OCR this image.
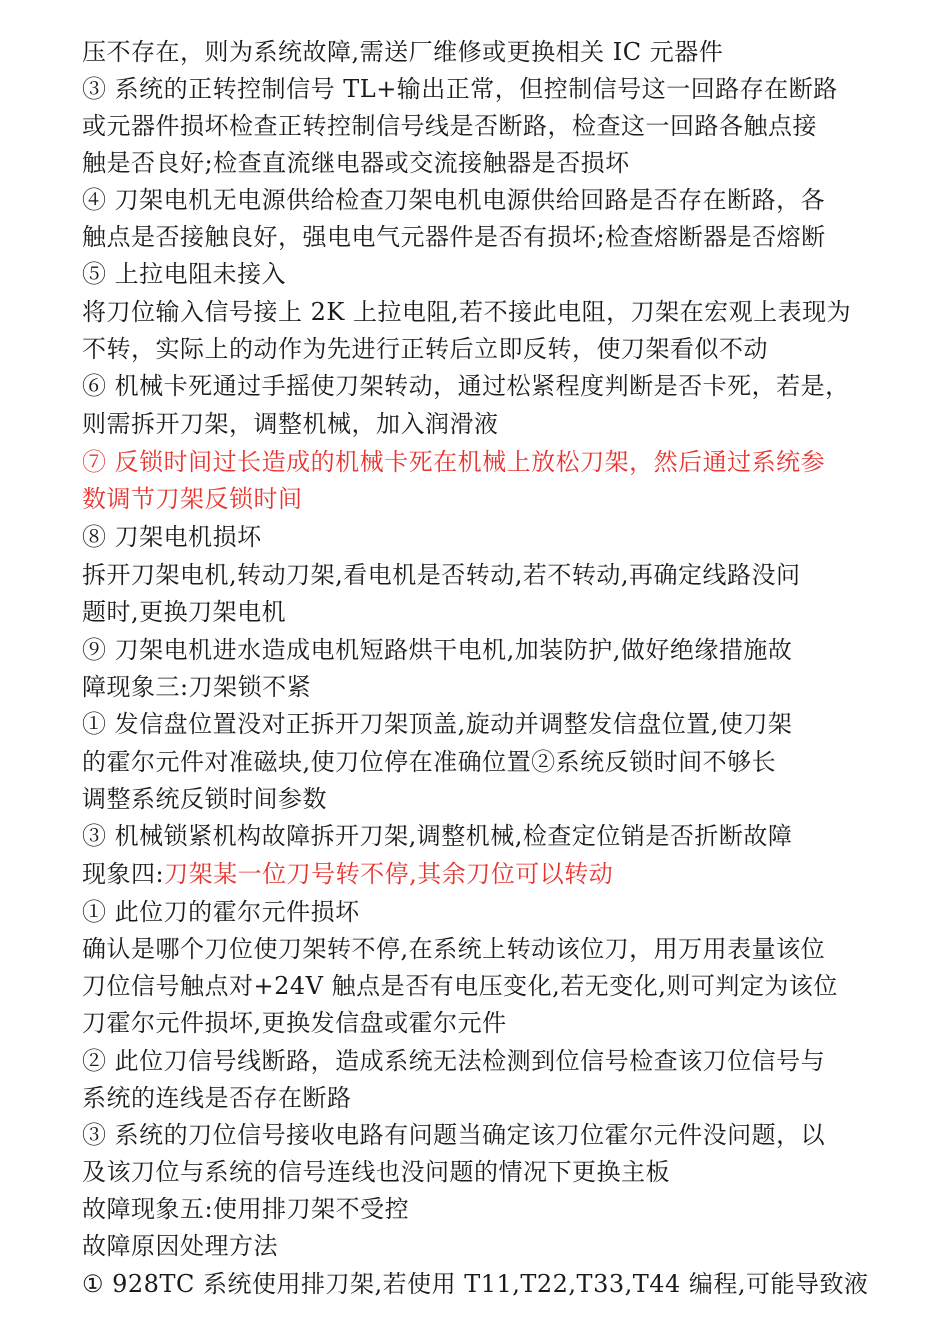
压不存在，则为系统故障,需送厂维修或更换相关 IC 元器件
③ 系统的正转控制信号 TL+输出正常，但控制信号这一回路存在断路
或元器件损坏检查正转控制信号线是否断路，检查这一回路各触点接
触是否良好;检查直流继电器或交流接触器是否损坏
④ 刀架电机无电源供给检查刀架电机电源供给回路是否存在断路，各
触点是否接触良好，强电电气元器件是否有损坏;检查熔断器是否熔断
⑤ 上拉电阻未接入
将刀位输入信号接上 2K 上拉电阻,若不接此电阻，刀架在宏观上表现为
不转，实际上的动作为先进行正转后立即反转，使刀架看似不动
⑥ 机械卡死通过手摇使刀架转动，通过松紧程度判断是否卡死，若是，
则需拆开刀架，调整机械，加入润滑液
⑦ 反锁时间过长造成的机械卡死在机械上放松刀架，然后通过系统参
数调节刀架反锁时间
⑧ 刀架电机损坏
拆开刀架电机,转动刀架,看电机是否转动,若不转动,再确定线路没问
题时,更换刀架电机
⑨ 刀架电机进水造成电机短路烘干电机,加装防护,做好绝缘措施故
障现象三:刀架锁不紧
① 发信盘位置没对正拆开刀架顶盖,旋动并调整发信盘位置,使刀架
的霍尔元件对准磁块,使刀位停在准确位置②系统反锁时间不够长
调整系统反锁时间参数
③ 机械锁紧机构故障拆开刀架,调整机械,检查定位销是否折断故障
现象四:刀架某一位刀号转不停,其余刀位可以转动
① 此位刀的霍尔元件损坏
确认是哪个刀位使刀架转不停,在系统上转动该位刀，用万用表量该位
刀位信号触点对+24V 触点是否有电压变化,若无变化,则可判定为该位
刀霍尔元件损坏,更换发信盘或霍尔元件
② 此位刀信号线断路，造成系统无法检测到位信号检查该刀位信号与
系统的连线是否存在断路
③ 系统的刀位信号接收电路有问题当确定该刀位霍尔元件没问题，以
及该刀位与系统的信号连线也没问题的情况下更换主板
故障现象五:使用排刀架不受控
故障原因处理方法
① 928TC 系统使用排刀架,若使用 T11,T22,T33,T44 编程,可能导致液
